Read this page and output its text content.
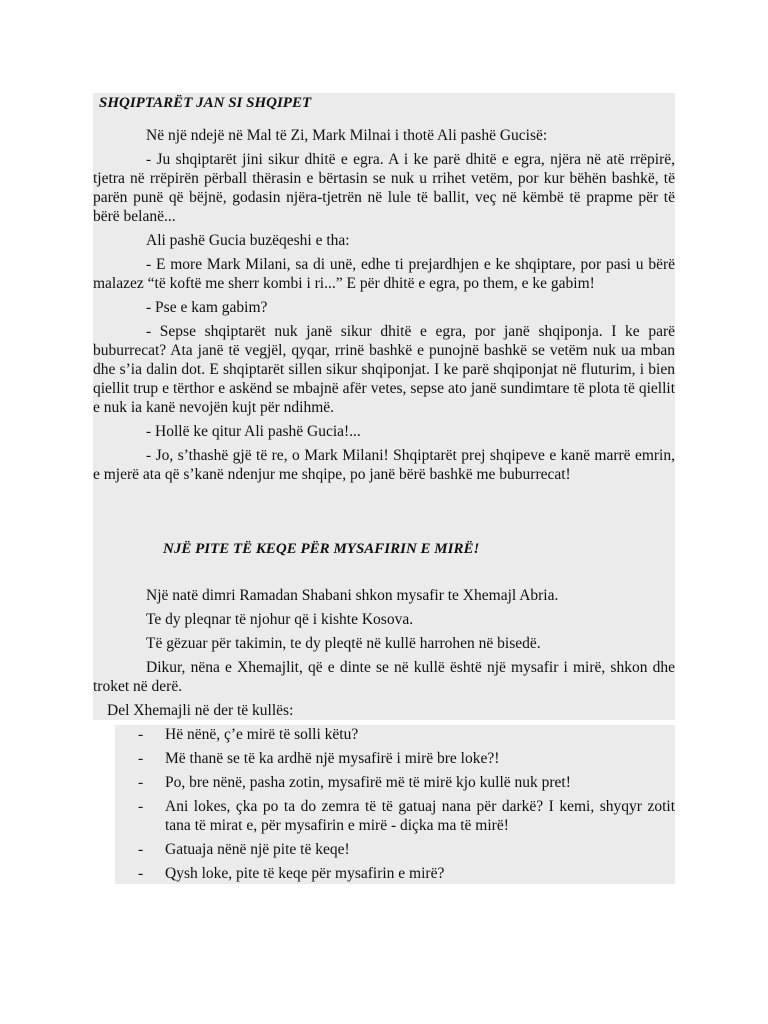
SHQIPTARËT JAN SI SHQIPET

Në një ndejë në Mal të Zi, Mark Milnai i thotë Ali pashë Gucisë:

- Ju shqiptarët jini sikur dhitë e egra. A i ke parë dhitë e egra, njëra në atë rrëpirë, tjetra në rrëpirën përball thërasin e bërtasin se nuk u rrihet vetëm, por kur bëhën bashkë, të parën punë që bëjnë, godasin njëra-tjetrën në lule të ballit, veç në këmbë të prapme për të bërë belanë...

Ali pashë Gucia buzëqeshi e tha:

- E more Mark Milani, sa di unë, edhe ti prejardhjen e ke shqiptare, por pasi u bërë malazez “të koftë me sherr kombi i ri...” E për dhitë e egra, po them, e ke gabim!

- Pse e kam gabim?

- Sepse shqiptarët nuk janë sikur dhitë e egra, por janë shqiponja. I ke parë buburrecat? Ata janë të vegjël, qyqar, rrinë bashkë e punojnë bashkë se vetëm nuk ua mban dhe s’ia dalin dot. E shqiptarët sillen sikur shqiponjat. I ke parë shqiponjat në fluturim, i bien qiellit trup e tërthor e askënd se mbajnë afër vetes, sepse ato janë sundimtare të plota të qiellit e nuk ia kanë nevojën kujt për ndihmë.

- Hollë ke qitur Ali pashë Gucia!...

- Jo, s’thashë gjë të re, o Mark Milani! Shqiptarët prej shqipeve e kanë marrë emrin, e mjerë ata që s’kanë ndenjur me shqipe, po janë bërë bashkë me buburrecat!

NJË PITE TË KEQE PËR MYSAFIRIN E MIRË!

Një natë dimri Ramadan Shabani shkon mysafir te Xhemajl Abria.

Te dy pleqnar të njohur që i kishte Kosova.

Të gëzuar për takimin, te dy pleqtë në kullë harrohen në bisedë.

Dikur, nëna e Xhemajlit, që e dinte se në kullë është një mysafir i mirë, shkon dhe troket në derë.

Del Xhemajli në der të kullës:

- Hë nënë, ç’e mirë të solli këtu?
- Më thanë se të ka ardhë një mysafirë i mirë bre loke?!
- Po, bre nënë, pasha zotin, mysafirë më të mirë kjo kullë nuk pret!
- Ani lokes, çka po ta do zemra të të gatuaj nana për darkë? I kemi, shyqyr zotit tana të mirat e, për mysafirin e mirë - diçka ma të mirë!
- Gatuaja nënë një pite të keqe!
- Qysh loke, pite të keqe për mysafirin e mirë?
